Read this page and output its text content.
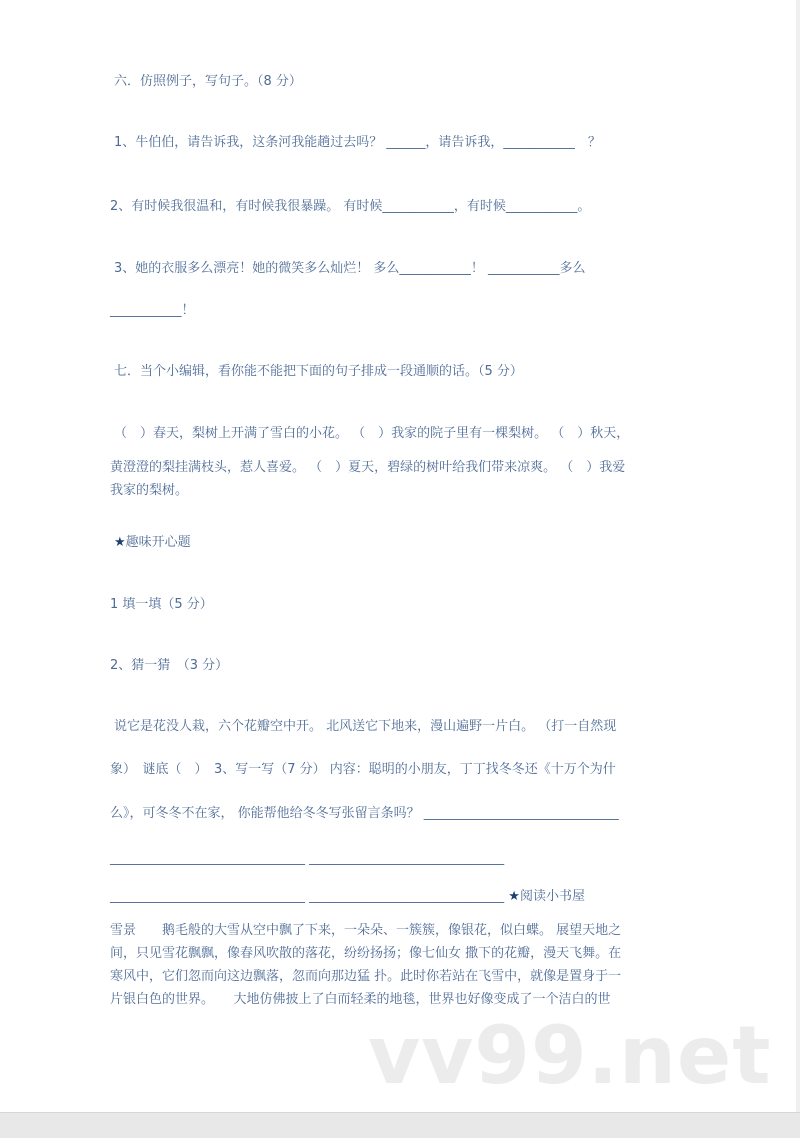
六．仿照例子，写句子。（8 分）
1、牛伯伯，请告诉我，这条河我能趟过去吗？ ______，请告诉我，___________　？
2、有时候我很温和，有时候我很暴躁。 有时候___________，有时候___________。
3、她的衣服多么漂亮！她的微笑多么灿烂！ 多么___________！ ___________多么
___________！
七．当个小编辑，看你能不能把下面的句子排成一段通顺的话。（5 分）
（　）春天，梨树上开满了雪白的小花。 （　）我家的院子里有一棵梨树。 （　）秋天，
黄澄澄的梨挂满枝头，惹人喜爱。 （　）夏天，碧绿的树叶给我们带来凉爽。 （　）我爱
我家的梨树。
★趣味开心题
1 填一填（5 分）
2、猜一猜　（3 分）
说它是花没人栽，六个花瓣空中开。 北风送它下地来，漫山遍野一片白。 （打一自然现
象）　谜底（　）　3、写一写（7 分） 内容：聪明的小朋友，丁丁找冬冬还《十万个为什
么》，可冬冬不在家， 你能帮他给冬冬写张留言条吗？ ______________________________
______________________________ ______________________________
______________________________ ______________________________ ★阅读小书屋
雪景　　鹅毛般的大雪从空中飘了下来，一朵朵、一簇簇，像银花，似白蝶。 展望天地之
间，只见雪花飘飘，像春风吹散的落花，纷纷扬扬；像七仙女 撒下的花瓣，漫天飞舞。在
寒风中，它们忽而向这边飘落，忽而向那边猛 扑。此时你若站在飞雪中，就像是置身于一
片银白色的世界。　　大地仿佛披上了白而轻柔的地毯，世界也好像变成了一个洁白的世
vv99.net
